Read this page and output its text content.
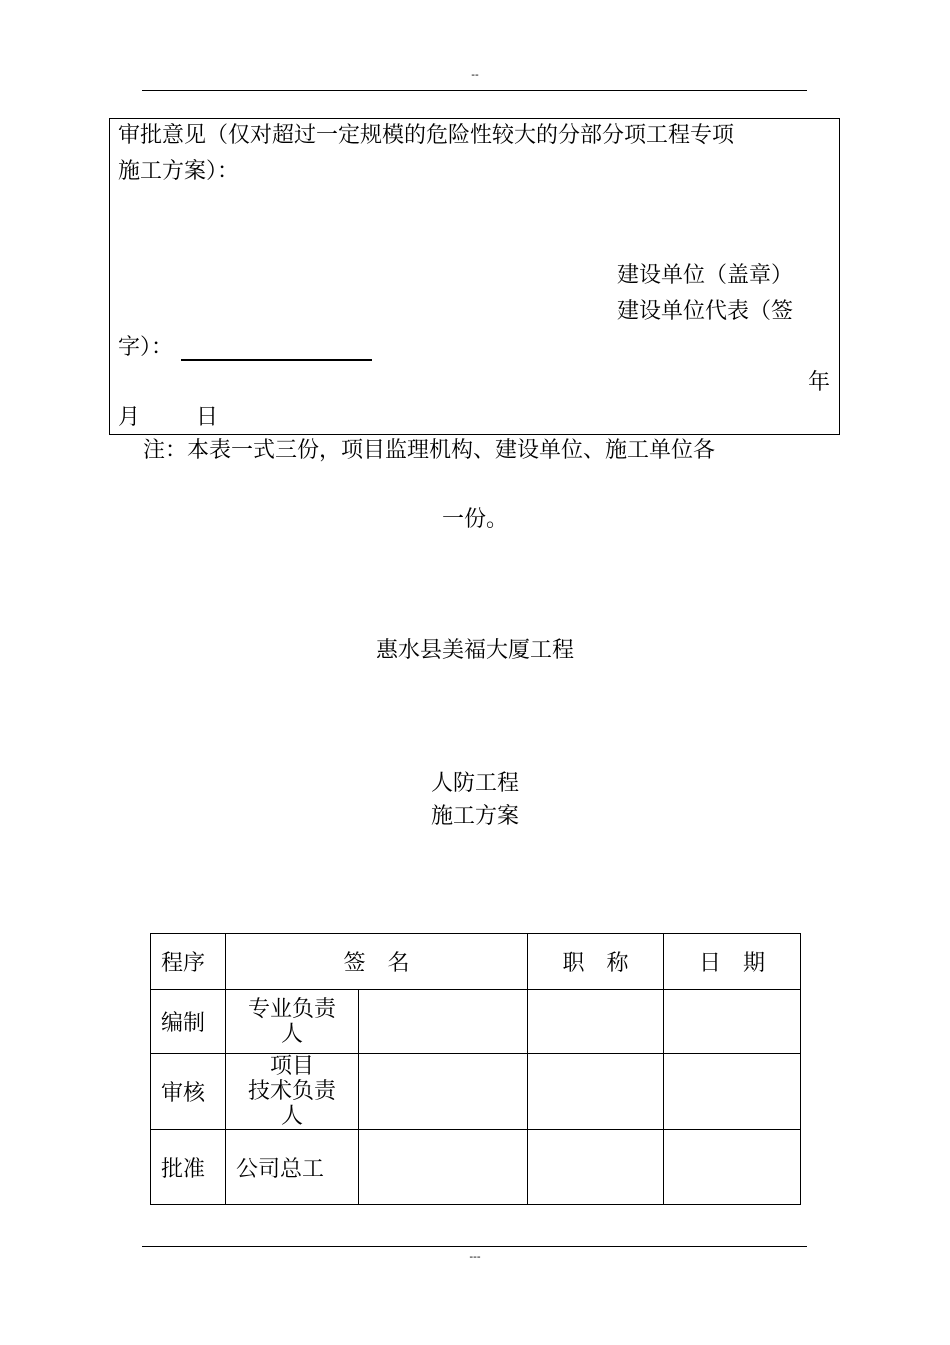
--
审批意见（仅对超过一定规模的危险性较大的分部分项工程专项
施工方案）：
建设单位（盖章）
建设单位代表（签
字）：
年
月	日
注：本表一式三份，项目监理机构、建设单位、施工单位各
一份。
惠水县美福大厦工程
人防工程
施工方案
程序	签　名		职　称	日　期
编制	专业负责
人			

审核	项目
技术负责
人			

批准	公司总工			
---
